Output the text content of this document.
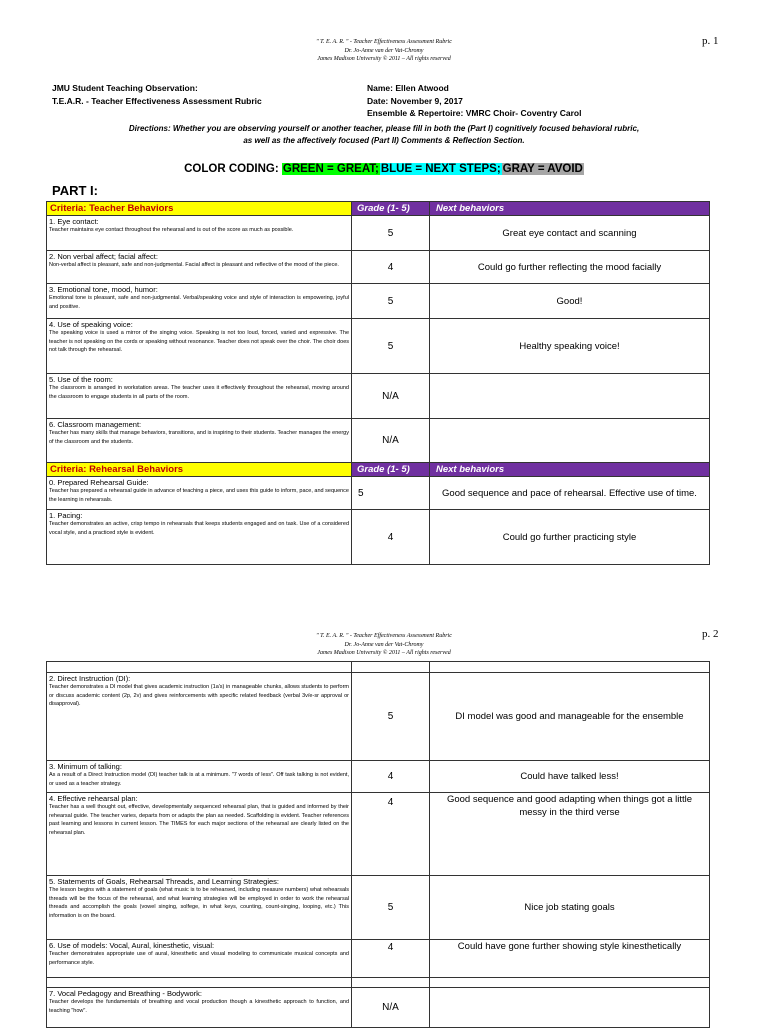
" T. E. A. R. " - Teacher Effectiveness Assessment Rubric
Dr. Jo-Anne van der Vat-Chromy
James Madison University © 2011 – All rights reserved
p. 1
JMU Student Teaching Observation:
T.E.A.R. - Teacher Effectiveness Assessment Rubric
Name: Ellen Atwood
Date: November 9, 2017
Ensemble & Repertoire: VMRC Choir- Coventry Carol
Directions: Whether you are observing yourself or another teacher, please fill in both the (Part I) cognitively focused behavioral rubric,
as well as the affectively focused (Part II) Comments & Reflection Section.
COLOR CODING: GREEN = GREAT; BLUE = NEXT STEPS; GRAY = AVOID
PART I:
Criteria: Teacher Behaviors	Grade (1- 5)	Next behaviors

1. Eye contact:
Teacher maintains eye contact throughout the rehearsal and is out of the score as much as possible.	5	Great eye contact and scanning

2. Non verbal affect; facial affect:
Non-verbal affect is pleasant, safe and non-judgmental. Facial affect is pleasant and reflective of the mood of the piece.	4	Could go further reflecting the mood facially

3. Emotional tone, mood, humor:
Emotional tone is pleasant, safe and non-judgmental. Verbal/speaking voice and style of interaction is empowering, joyful and positive.	5	Good!

4. Use of speaking voice:
The speaking voice is used a mirror of the singing voice. Speaking is not too loud, forced, varied and expressive. The teacher is not speaking on the cords or speaking without resonance. Teacher does not speak over the choir. The choir does not talk through the rehearsal.	5	Healthy speaking voice!

5. Use of the room:
The classroom is arranged in workstation areas. The teacher uses it effectively throughout the rehearsal, moving around the classroom to engage students in all parts of the room.	N/A	

6. Classroom management:
Teacher has many skills that manage behaviors, transitions, and is inspiring to their students. Teacher manages the energy of the classroom and the students.	N/A	
Criteria: Rehearsal Behaviors	Grade (1- 5)	Next behaviors

0. Prepared Rehearsal Guide:
Teacher has prepared a rehearsal guide in advance of teaching a piece, and uses this guide to inform, pace, and sequence the learning in rehearsals.	5	Good sequence and pace of rehearsal. Effective use of time.

1. Pacing:
Teacher demonstrates an active, crisp tempo in rehearsals that keeps students engaged and on task. Use of a considered vocal style, and a practiced style is evident.	4	Could go further practicing style
" T. E. A. R. " - Teacher Effectiveness Assessment Rubric
Dr. Jo-Anne van der Vat-Chromy
James Madison University © 2011 – All rights reserved
p. 2

2. Direct Instruction (DI):
Teacher demonstrates a DI model that gives academic instruction (1a's) in manageable chunks, allows students to perform or discuss academic content (2p, 2v) and gives reinforcements with specific related feedback (verbal 3v/e-sr approval or disapproval).	5	DI model was good and manageable for the ensemble

3. Minimum of talking:
As a result of a Direct Instruction model (DI) teacher talk is at a minimum. "7 words of less". Off task talking is not evident, or used as a teacher strategy.	4	Could have talked less!

4. Effective rehearsal plan:
Teacher has a well thought out, effective, developmentally sequenced rehearsal plan, that is guided and informed by their rehearsal guide. The teacher varies, departs from or adapts the plan as needed. Scaffolding is evident. Teacher references past learning and lessons in current lesson. The TIMES for each major sections of the rehearsal are clearly listed on the rehearsal plan.	4	Good sequence and good adapting when things got a little messy in the third verse

5. Statements of Goals, Rehearsal Threads, and Learning Strategies:
The lesson begins with a statement of goals (what music is to be rehearsed, including measure numbers) what rehearsals threads will be the focus of the rehearsal, and what learning strategies will be employed in order to work the rehearsal threads and accomplish the goals (vowel singing, solfege, in what keys, counting, count-singing, looping, etc.) This information is on the board.	5	Nice job stating goals

6. Use of models: Vocal, Aural, kinesthetic, visual:
Teacher demonstrates appropriate use of aural, kinesthetic and visual modeling to communicate musical concepts and performance style.	4	Could have gone further showing style kinesthetically

7. Vocal Pedagogy and Breathing - Bodywork:
Teacher develops the fundamentals of breathing and vocal production though a kinesthetic approach to function, and teaching "how".	N/A	
